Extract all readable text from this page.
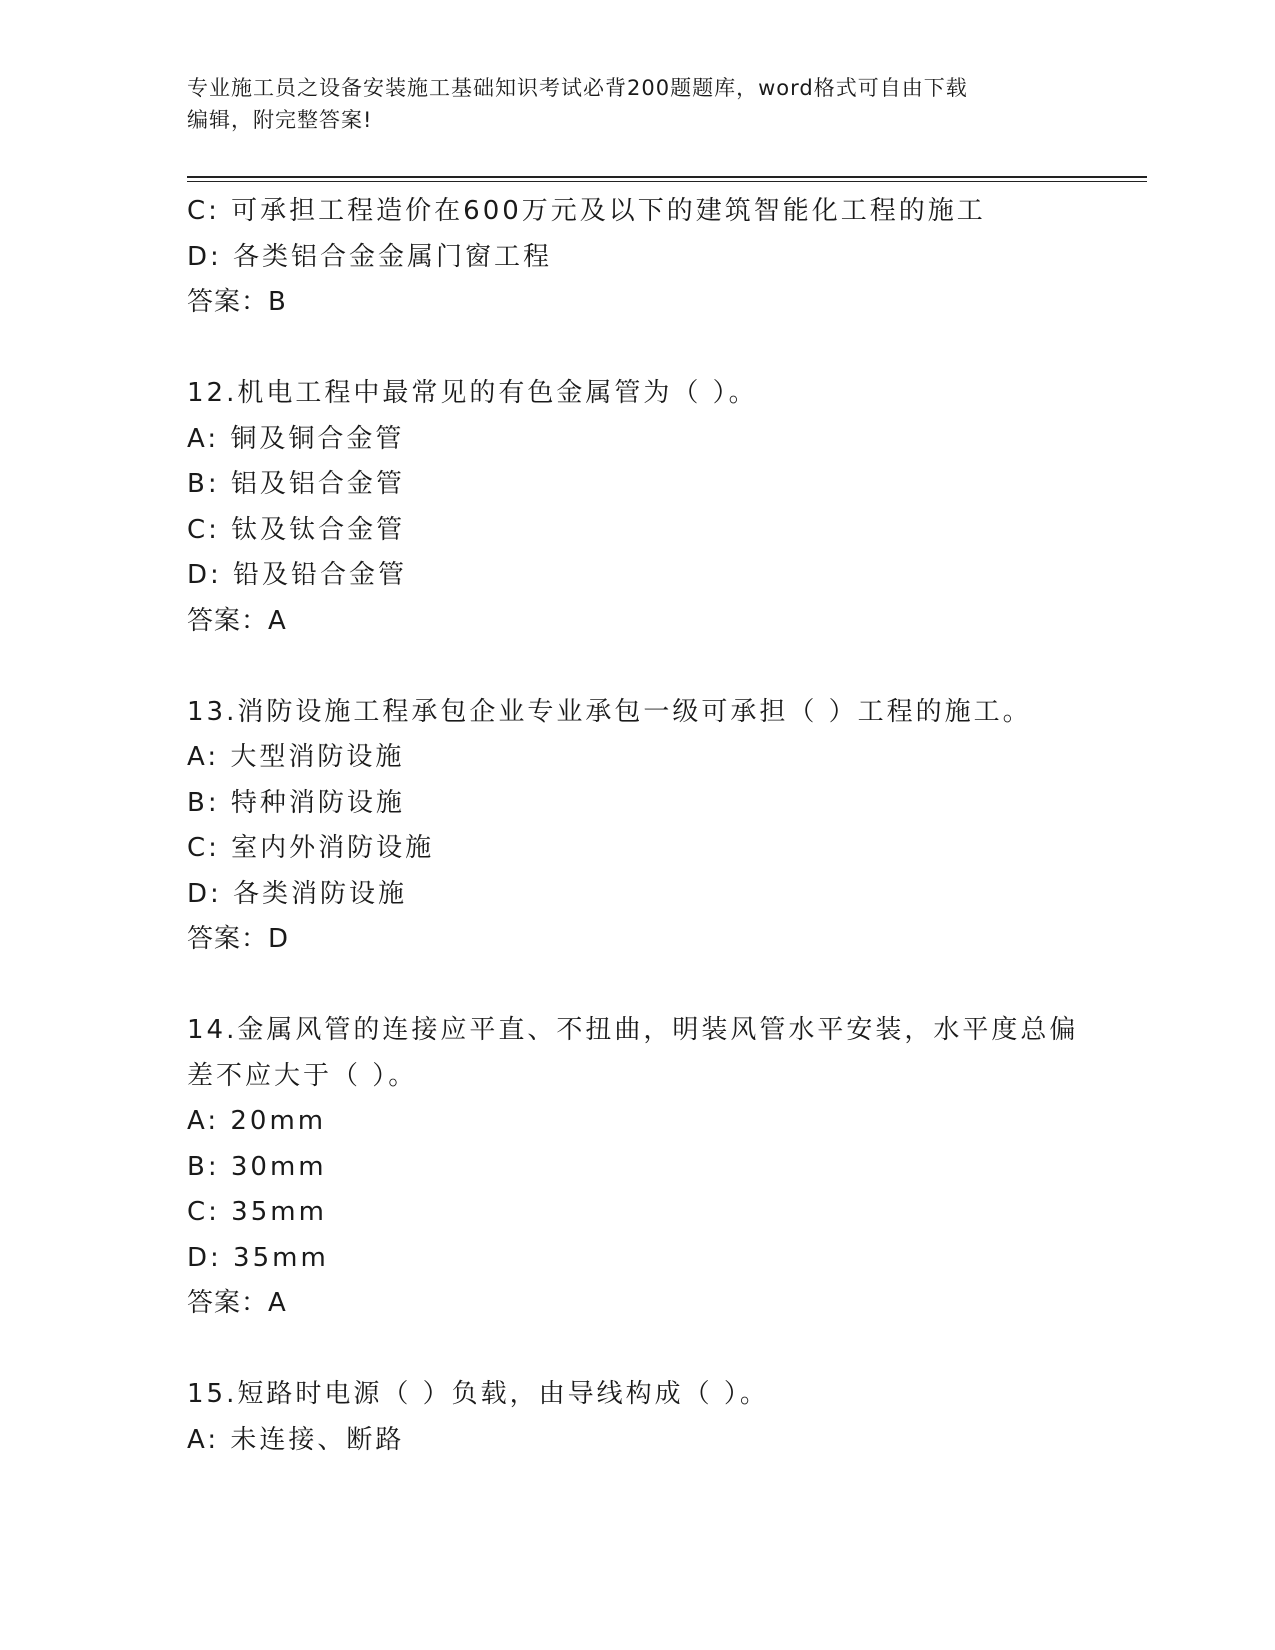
专业施工员之设备安装施工基础知识考试必背200题题库，word格式可自由下载
编辑，附完整答案!
C: 可承担工程造价在600万元及以下的建筑智能化工程的施工
D: 各类铝合金金属门窗工程
答案：B
12.机电工程中最常见的有色金属管为（ ）。
A: 铜及铜合金管
B: 铝及铝合金管
C: 钛及钛合金管
D: 铅及铅合金管
答案：A
13.消防设施工程承包企业专业承包一级可承担（ ）工程的施工。
A: 大型消防设施
B: 特种消防设施
C: 室内外消防设施
D: 各类消防设施
答案：D
14.金属风管的连接应平直、不扭曲，明装风管水平安装，水平度总偏
差不应大于（ ）。
A: 20mm
B: 30mm
C: 35mm
D: 35mm
答案：A
15.短路时电源（ ）负载，由导线构成（ ）。
A: 未连接、断路
